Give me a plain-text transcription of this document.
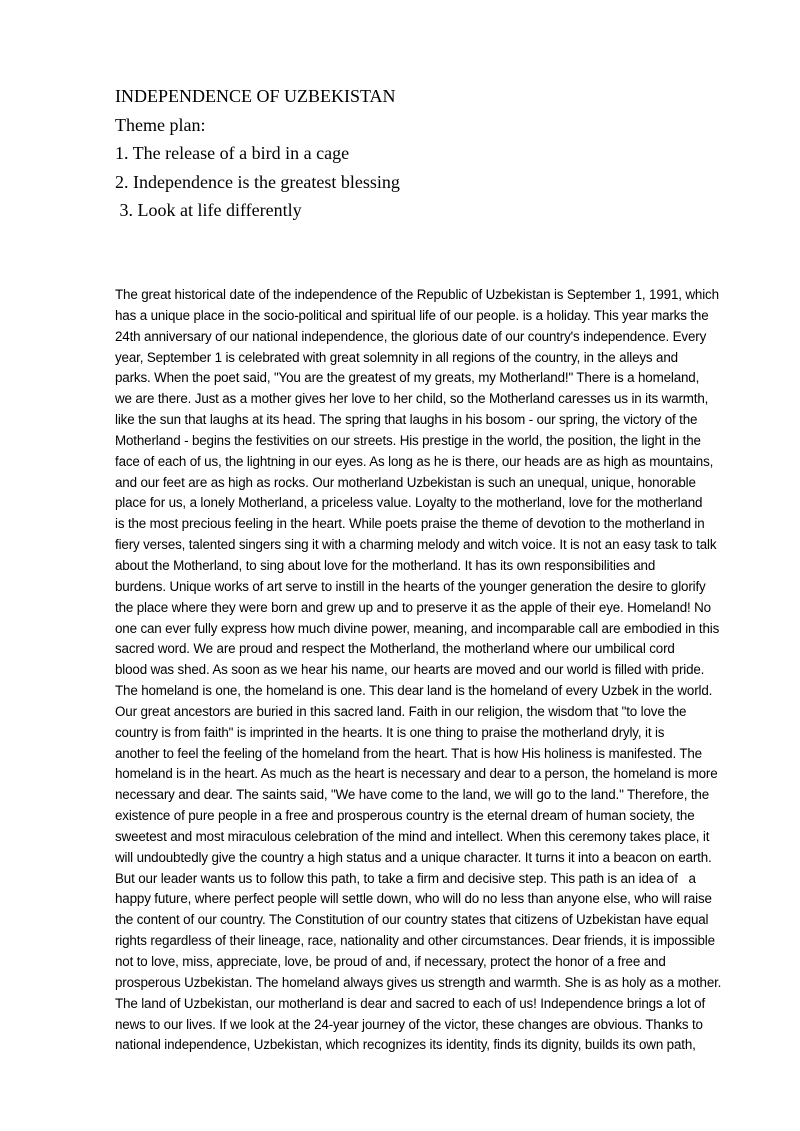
INDEPENDENCE OF UZBEKISTAN
Theme plan:
1. The release of a bird in a cage
2. Independence is the greatest blessing
3. Look at life differently
The great historical date of the independence of the Republic of Uzbekistan is September 1, 1991, which
has a unique place in the socio-political and spiritual life of our people. is a holiday. This year marks the
24th anniversary of our national independence, the glorious date of our country's independence. Every
year, September 1 is celebrated with great solemnity in all regions of the country, in the alleys and
parks. When the poet said, "You are the greatest of my greats, my Motherland!" There is a homeland,
we are there. Just as a mother gives her love to her child, so the Motherland caresses us in its warmth,
like the sun that laughs at its head. The spring that laughs in his bosom - our spring, the victory of the
Motherland - begins the festivities on our streets. His prestige in the world, the position, the light in the
face of each of us, the lightning in our eyes. As long as he is there, our heads are as high as mountains,
and our feet are as high as rocks. Our motherland Uzbekistan is such an unequal, unique, honorable
place for us, a lonely Motherland, a priceless value. Loyalty to the motherland, love for the motherland
is the most precious feeling in the heart. While poets praise the theme of devotion to the motherland in
fiery verses, talented singers sing it with a charming melody and witch voice. It is not an easy task to talk
about the Motherland, to sing about love for the motherland. It has its own responsibilities and
burdens. Unique works of art serve to instill in the hearts of the younger generation the desire to glorify
the place where they were born and grew up and to preserve it as the apple of their eye. Homeland! No
one can ever fully express how much divine power, meaning, and incomparable call are embodied in this
sacred word. We are proud and respect the Motherland, the motherland where our umbilical cord
blood was shed. As soon as we hear his name, our hearts are moved and our world is filled with pride.
The homeland is one, the homeland is one. This dear land is the homeland of every Uzbek in the world.
Our great ancestors are buried in this sacred land. Faith in our religion, the wisdom that "to love the
country is from faith" is imprinted in the hearts. It is one thing to praise the motherland dryly, it is
another to feel the feeling of the homeland from the heart. That is how His holiness is manifested. The
homeland is in the heart. As much as the heart is necessary and dear to a person, the homeland is more
necessary and dear. The saints said, "We have come to the land, we will go to the land." Therefore, the
existence of pure people in a free and prosperous country is the eternal dream of human society, the
sweetest and most miraculous celebration of the mind and intellect. When this ceremony takes place, it
will undoubtedly give the country a high status and a unique character. It turns it into a beacon on earth.
But our leader wants us to follow this path, to take a firm and decisive step. This path is an idea of   a
happy future, where perfect people will settle down, who will do no less than anyone else, who will raise
the content of our country. The Constitution of our country states that citizens of Uzbekistan have equal
rights regardless of their lineage, race, nationality and other circumstances. Dear friends, it is impossible
not to love, miss, appreciate, love, be proud of and, if necessary, protect the honor of a free and
prosperous Uzbekistan. The homeland always gives us strength and warmth. She is as holy as a mother.
The land of Uzbekistan, our motherland is dear and sacred to each of us! Independence brings a lot of
news to our lives. If we look at the 24-year journey of the victor, these changes are obvious. Thanks to
national independence, Uzbekistan, which recognizes its identity, finds its dignity, builds its own path,
